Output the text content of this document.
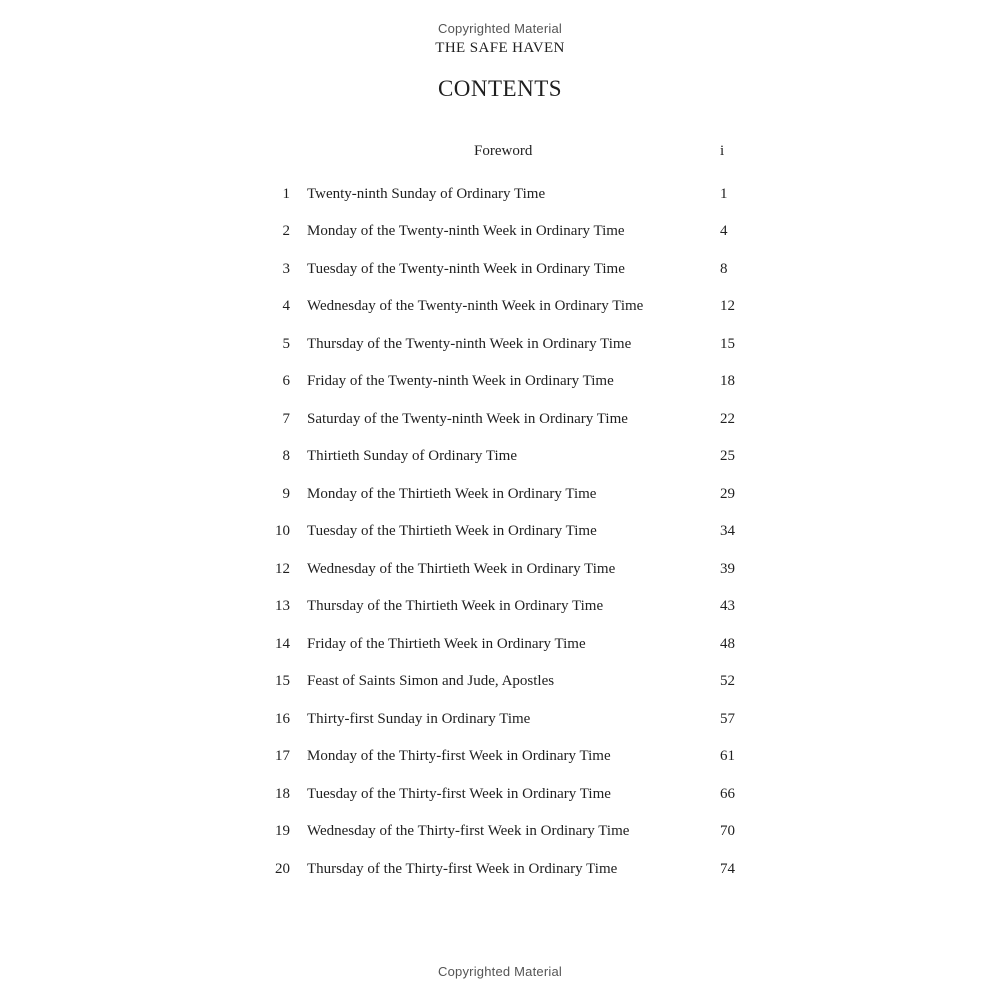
Copyrighted Material
THE SAFE HAVEN
CONTENTS
Foreword	i
1 Twenty-ninth Sunday of Ordinary Time	1
2 Monday of the Twenty-ninth Week in Ordinary Time	4
3 Tuesday of the Twenty-ninth Week in Ordinary Time	8
4 Wednesday of the Twenty-ninth Week in Ordinary Time	12
5 Thursday of the Twenty-ninth Week in Ordinary Time	15
6 Friday of the Twenty-ninth Week in Ordinary Time	18
7 Saturday of the Twenty-ninth Week in Ordinary Time	22
8 Thirtieth Sunday of Ordinary Time	25
9 Monday of the Thirtieth Week in Ordinary Time	29
10 Tuesday of the Thirtieth Week in Ordinary Time	34
12 Wednesday of the Thirtieth Week in Ordinary Time	39
13 Thursday of the Thirtieth Week in Ordinary Time	43
14 Friday of the Thirtieth Week in Ordinary Time	48
15 Feast of Saints Simon and Jude, Apostles	52
16 Thirty-first Sunday in Ordinary Time	57
17 Monday of the Thirty-first Week in Ordinary Time	61
18 Tuesday of the Thirty-first Week in Ordinary Time	66
19 Wednesday of the Thirty-first Week in Ordinary Time	70
20 Thursday of the Thirty-first Week in Ordinary Time	74
Copyrighted Material
